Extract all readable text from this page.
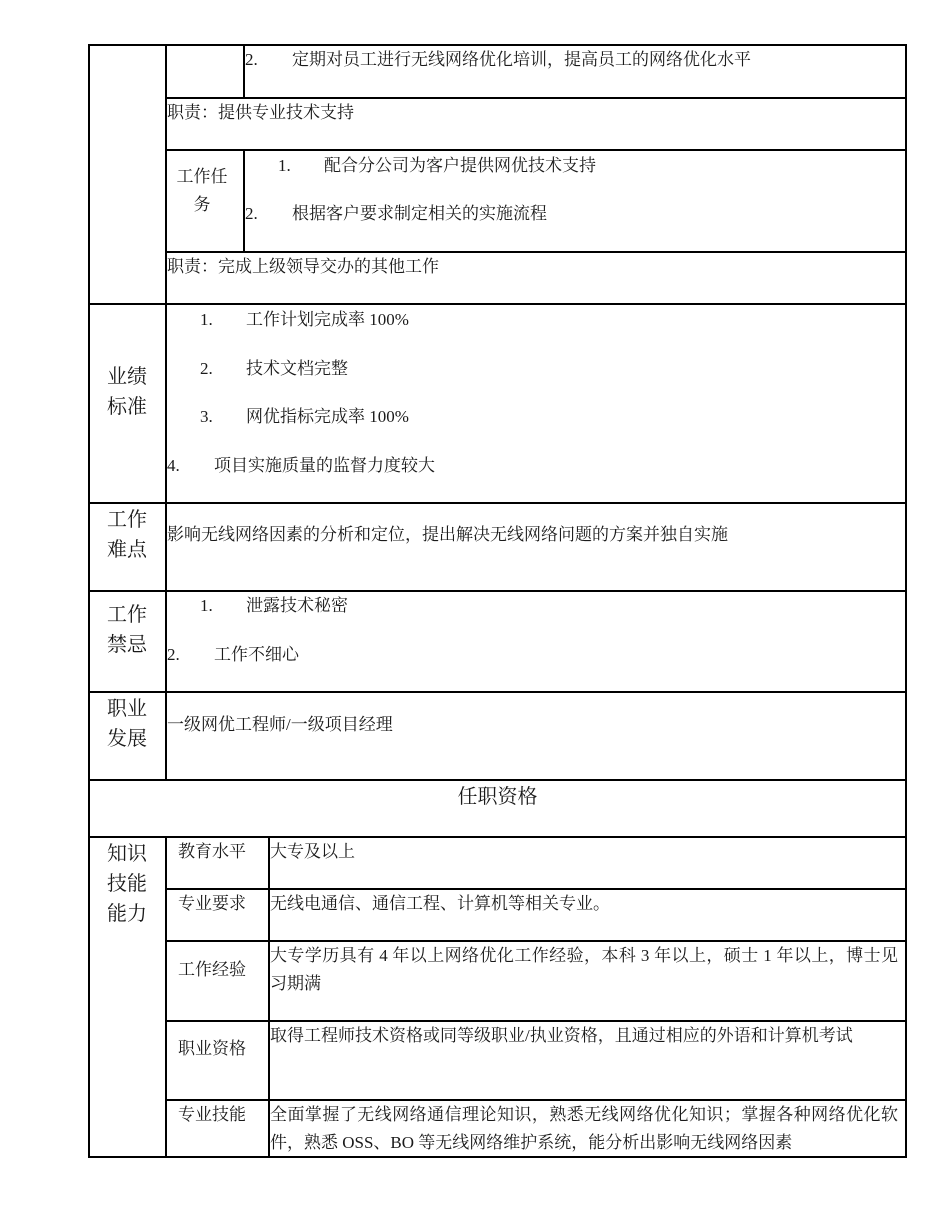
2. 定期对员工进行无线网络优化培训，提高员工的网络优化水平
职责：提供专业技术支持
工作任务
1. 配合分公司为客户提供网优技术支持
2. 根据客户要求制定相关的实施流程
职责：完成上级领导交办的其他工作
业绩标准
1. 工作计划完成率 100%
2. 技术文档完整
3. 网优指标完成率 100%
4. 项目实施质量的监督力度较大
工作难点
影响无线网络因素的分析和定位，提出解决无线网络问题的方案并独自实施
工作禁忌
1. 泄露技术秘密
2. 工作不细心
职业发展
一级网优工程师/一级项目经理
任职资格
知识技能能力
教育水平 大专及以上
专业要求 无线电通信、通信工程、计算机等相关专业。
工作经验
大专学历具有 4 年以上网络优化工作经验，本科 3 年以上，硕士 1 年以上，博士见习期满
职业资格
取得工程师技术资格或同等级职业/执业资格，且通过相应的外语和计算机考试
专业技能 全面掌握了无线网络通信理论知识，熟悉无线网络优化知识；掌握各种网络优化软件，熟悉 OSS、BO 等无线网络维护系统，能分析出影响无线网络因素
